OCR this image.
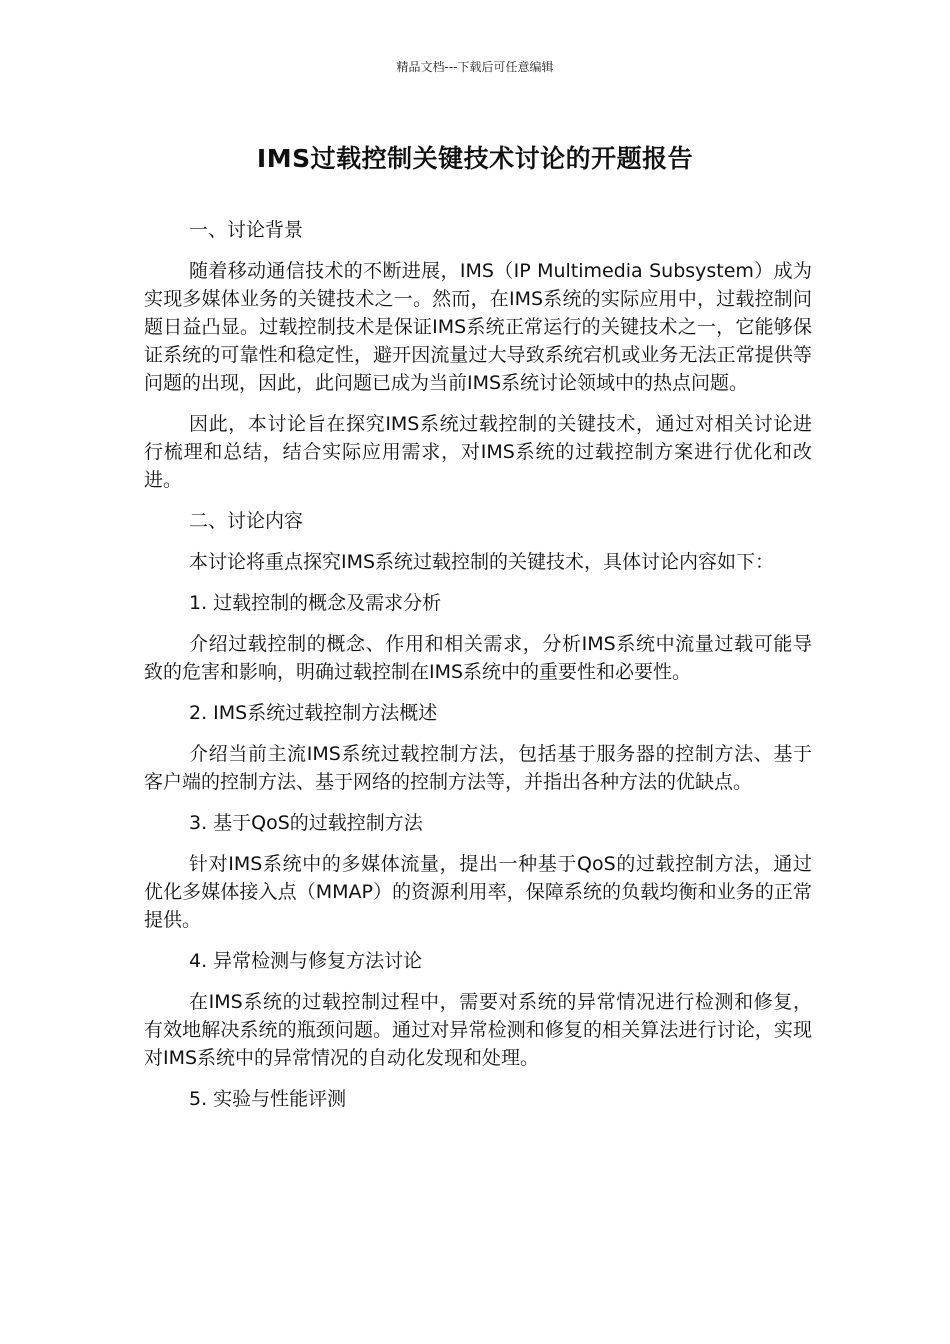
精品文档---下载后可任意编辑
IMS过载控制关键技术讨论的开题报告

一、讨论背景

随着移动通信技术的不断进展，IMS（IP Multimedia Subsystem）成为实现多媒体业务的关键技术之一。然而，在IMS系统的实际应用中，过载控制问题日益凸显。过载控制技术是保证IMS系统正常运行的关键技术之一，它能够保证系统的可靠性和稳定性，避开因流量过大导致系统宕机或业务无法正常提供等问题的出现，因此，此问题已成为当前IMS系统讨论领域中的热点问题。

因此，本讨论旨在探究IMS系统过载控制的关键技术，通过对相关讨论进行梳理和总结，结合实际应用需求，对IMS系统的过载控制方案进行优化和改进。

二、讨论内容

本讨论将重点探究IMS系统过载控制的关键技术，具体讨论内容如下：

1. 过载控制的概念及需求分析

介绍过载控制的概念、作用和相关需求，分析IMS系统中流量过载可能导致的危害和影响，明确过载控制在IMS系统中的重要性和必要性。

2. IMS系统过载控制方法概述

介绍当前主流IMS系统过载控制方法，包括基于服务器的控制方法、基于客户端的控制方法、基于网络的控制方法等，并指出各种方法的优缺点。

3. 基于QoS的过载控制方法

针对IMS系统中的多媒体流量，提出一种基于QoS的过载控制方法，通过优化多媒体接入点（MMAP）的资源利用率，保障系统的负载均衡和业务的正常提供。

4. 异常检测与修复方法讨论

在IMS系统的过载控制过程中，需要对系统的异常情况进行检测和修复，有效地解决系统的瓶颈问题。通过对异常检测和修复的相关算法进行讨论，实现对IMS系统中的异常情况的自动化发现和处理。

5. 实验与性能评测
